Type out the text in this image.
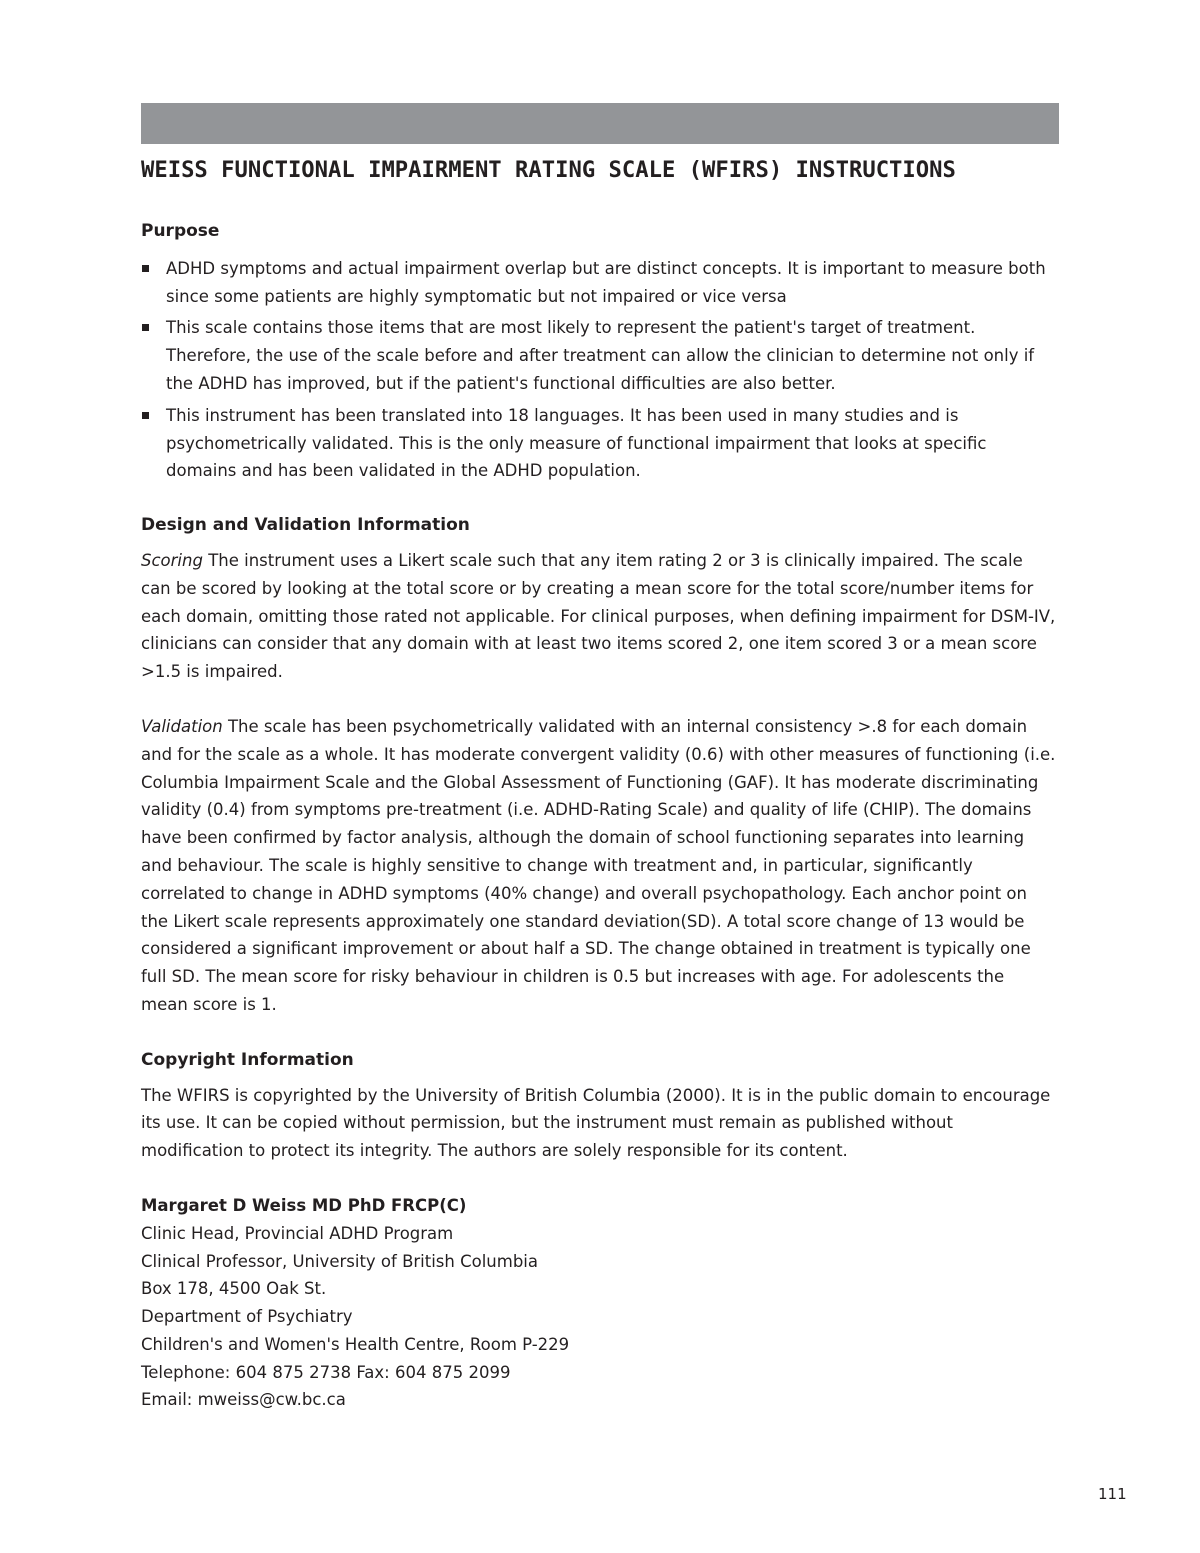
WEISS FUNCTIONAL IMPAIRMENT RATING SCALE (WFIRS) INSTRUCTIONS
Purpose
ADHD symptoms and actual impairment overlap but are distinct concepts. It is important to measure both since some patients are highly symptomatic but not impaired or vice versa
This scale contains those items that are most likely to represent the patient's target of treatment. Therefore, the use of the scale before and after treatment can allow the clinician to determine not only if the ADHD has improved, but if the patient's functional difficulties are also better.
This instrument has been translated into 18 languages. It has been used in many studies and is psychometrically validated. This is the only measure of functional impairment that looks at specific domains and has been validated in the ADHD population.
Design and Validation Information

Scoring The instrument uses a Likert scale such that any item rating 2 or 3 is clinically impaired. The scale can be scored by looking at the total score or by creating a mean score for the total score/number items for each domain, omitting those rated not applicable. For clinical purposes, when defining impairment for DSM-IV, clinicians can consider that any domain with at least two items scored 2, one item scored 3 or a mean score >1.5 is impaired.

Validation The scale has been psychometrically validated with an internal consistency >.8 for each domain and for the scale as a whole. It has moderate convergent validity (0.6) with other measures of functioning (i.e. Columbia Impairment Scale and the Global Assessment of Functioning (GAF). It has moderate discriminating validity (0.4) from symptoms pre-treatment (i.e. ADHD-Rating Scale) and quality of life (CHIP). The domains have been confirmed by factor analysis, although the domain of school functioning separates into learning and behaviour. The scale is highly sensitive to change with treatment and, in particular, significantly correlated to change in ADHD symptoms (40% change) and overall psychopathology. Each anchor point on the Likert scale represents approximately one standard deviation(SD). A total score change of 13 would be considered a significant improvement or about half a SD. The change obtained in treatment is typically one full SD. The mean score for risky behaviour in children is 0.5 but increases with age. For adolescents the mean score is 1.

Copyright Information

The WFIRS is copyrighted by the University of British Columbia (2000). It is in the public domain to encourage its use. It can be copied without permission, but the instrument must remain as published without modification to protect its integrity. The authors are solely responsible for its content.

Margaret D Weiss MD PhD FRCP(C)

Clinic Head, Provincial ADHD Program

Clinical Professor, University of British Columbia

Box 178, 4500 Oak St.

Department of Psychiatry

Children's and Women's Health Centre, Room P-229

Telephone: 604 875 2738 Fax: 604 875 2099

Email: mweiss@cw.bc.ca

111
